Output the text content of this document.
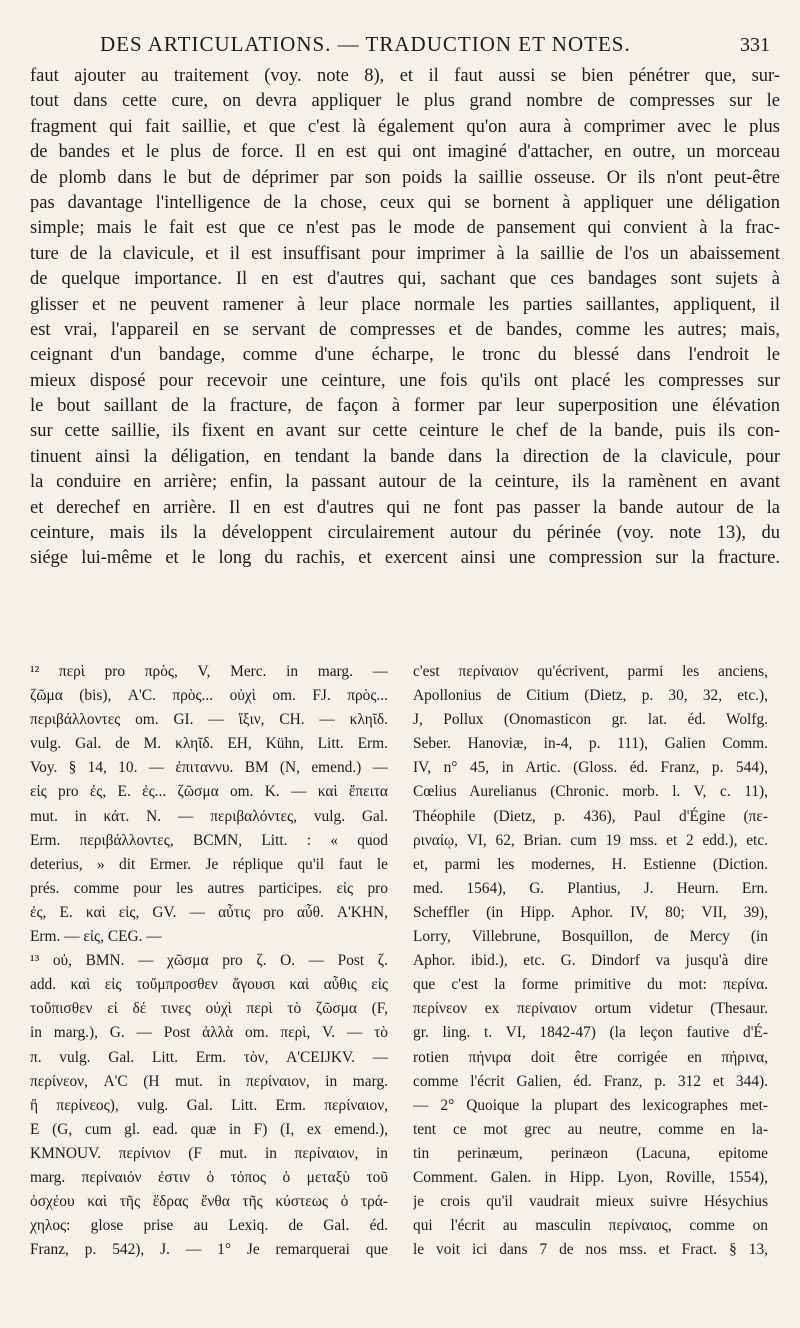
DES ARTICULATIONS. — TRADUCTION ET NOTES.	331
faut ajouter au traitement (voy. note 8), et il faut aussi se bien pénétrer que, sur-
tout dans cette cure, on devra appliquer le plus grand nombre de compresses sur le
fragment qui fait saillie, et que c'est là également qu'on aura à comprimer avec le plus
de bandes et le plus de force. Il en est qui ont imaginé d'attacher, en outre, un morceau
de plomb dans le but de déprimer par son poids la saillie osseuse. Or ils n'ont peut-être
pas davantage l'intelligence de la chose, ceux qui se bornent à appliquer une déligation
simple; mais le fait est que ce n'est pas le mode de pansement qui convient à la frac-
ture de la clavicule, et il est insuffisant pour imprimer à la saillie de l'os un abaissement
de quelque importance. Il en est d'autres qui, sachant que ces bandages sont sujets à
glisser et ne peuvent ramener à leur place normale les parties saillantes, appliquent, il
est vrai, l'appareil en se servant de compresses et de bandes, comme les autres; mais,
ceignant d'un bandage, comme d'une écharpe, le tronc du blessé dans l'endroit le
mieux disposé pour recevoir une ceinture, une fois qu'ils ont placé les compresses sur
le bout saillant de la fracture, de façon à former par leur superposition une élévation
sur cette saillie, ils fixent en avant sur cette ceinture le chef de la bande, puis ils con-
tinuent ainsi la déligation, en tendant la bande dans la direction de la clavicule, pour
la conduire en arrière; enfin, la passant autour de la ceinture, ils la ramènent en avant
et derechef en arrière. Il en est d'autres qui ne font pas passer la bande autour de la
ceinture, mais ils la développent circulairement autour du périnée (voy. note 13), du
siége lui-même et le long du rachis, et exercent ainsi une compression sur la fracture.
¹² περὶ pro πρὸς, V, Merc. in marg. —
ζῶμα (bis), A'C. πρὸς... οὐχὶ om. FJ. πρὸς...
περιβάλλοντες om. GI. — ἴξιν, CH. — κληῖδ.
vulg. Gal. de M. κληῖδ. EH, Kühn, Litt. Erm.
Voy. § 14, 10. — ἐπιταννυ. BM (N, emend.) —
εἰς pro ἐς, E. ἐς... ζῶσμα om. K. — καὶ ἔπειτα
mut. in κάτ. N. — περιβαλόντες, vulg. Gal.
Erm. περιβάλλοντες, BCMN, Litt. : « quod
deterius, » dit Ermer. Je réplique qu'il faut le
prés. comme pour les autres participes. εἰς pro
ἐς, E. καὶ εἰς, GV. — αὖτις pro αὖθ. A'KHN,
Erm. — εἰς, CEG. —
¹³ οὐ, BMN. — χῶσμα pro ζ. O. — Post ζ.
add. καὶ εἰς τοὔμπροσθεν ἄγουσι καὶ αὖθις εἰς
τοὔπισθεν εἰ δέ τινες οὐχὶ περὶ τὸ ζῶσμα (F,
in marg.), G. — Post ἀλλὰ om. περὶ, V. — τὸ
π. vulg. Gal. Litt. Erm. τὸν, A'CEIJKV. —
περίνεον, A'C (H mut. in περίναιον, in marg.
ἢ περίνεος), vulg. Gal. Litt. Erm. περίναιον,
E (G, cum gl. ead. quæ in F) (I, ex emend.),
KMNOUV. περίνιον (F mut. in περίναιον, in
marg. περίναιόν ἐστιν ὁ τόπος ὁ μεταξὺ τοῦ
ὀσχέου καὶ τῆς ἕδρας ἔνθα τῆς κύστεως ὁ τρά-
χηλος: glose prise au Lexiq. de Gal. éd.
Franz, p. 542), J. — 1° Je remarquerai que
c'est περίναιον qu'écrivent, parmi les anciens,
Apollonius de Citium (Dietz, p. 30, 32, etc.),
J, Pollux (Onomasticon gr. lat. éd. Wolfg.
Seber. Hanoviæ, in-4, p. 111), Galien Comm.
IV, n° 45, in Artic. (Gloss. éd. Franz, p. 544),
Cœlius Aurelianus (Chronic. morb. l. V, c. 11),
Théophile (Dietz, p. 436), Paul d'Égine (πε-
ριναίῳ, VI, 62, Brian. cum 19 mss. et 2 edd.), etc.
et, parmi les modernes, H. Estienne (Diction.
med. 1564), G. Plantius, J. Heurn. Ern.
Scheffler (in Hipp. Aphor. IV, 80; VII, 39),
Lorry, Villebrune, Bosquillon, de Mercy (in
Aphor. ibid.), etc. G. Dindorf va jusqu'à dire
que c'est la forme primitive du mot: περίνα.
περίνεον ex περίναιον ortum videtur (Thesaur.
gr. ling. t. VI, 1842-47) (la leçon fautive d'É-
rotien πήνιρα doit être corrigée en πήρινα,
comme l'écrit Galien, éd. Franz, p. 312 et 344).
— 2° Quoique la plupart des lexicographes met-
tent ce mot grec au neutre, comme en la-
tin perinæum, perinæon (Lacuna, epitome
Comment. Galen. in Hipp. Lyon, Roville, 1554),
je crois qu'il vaudrait mieux suivre Hésychius
qui l'écrit au masculin περίναιος, comme on
le voit ici dans 7 de nos mss. et Fract. § 13,
